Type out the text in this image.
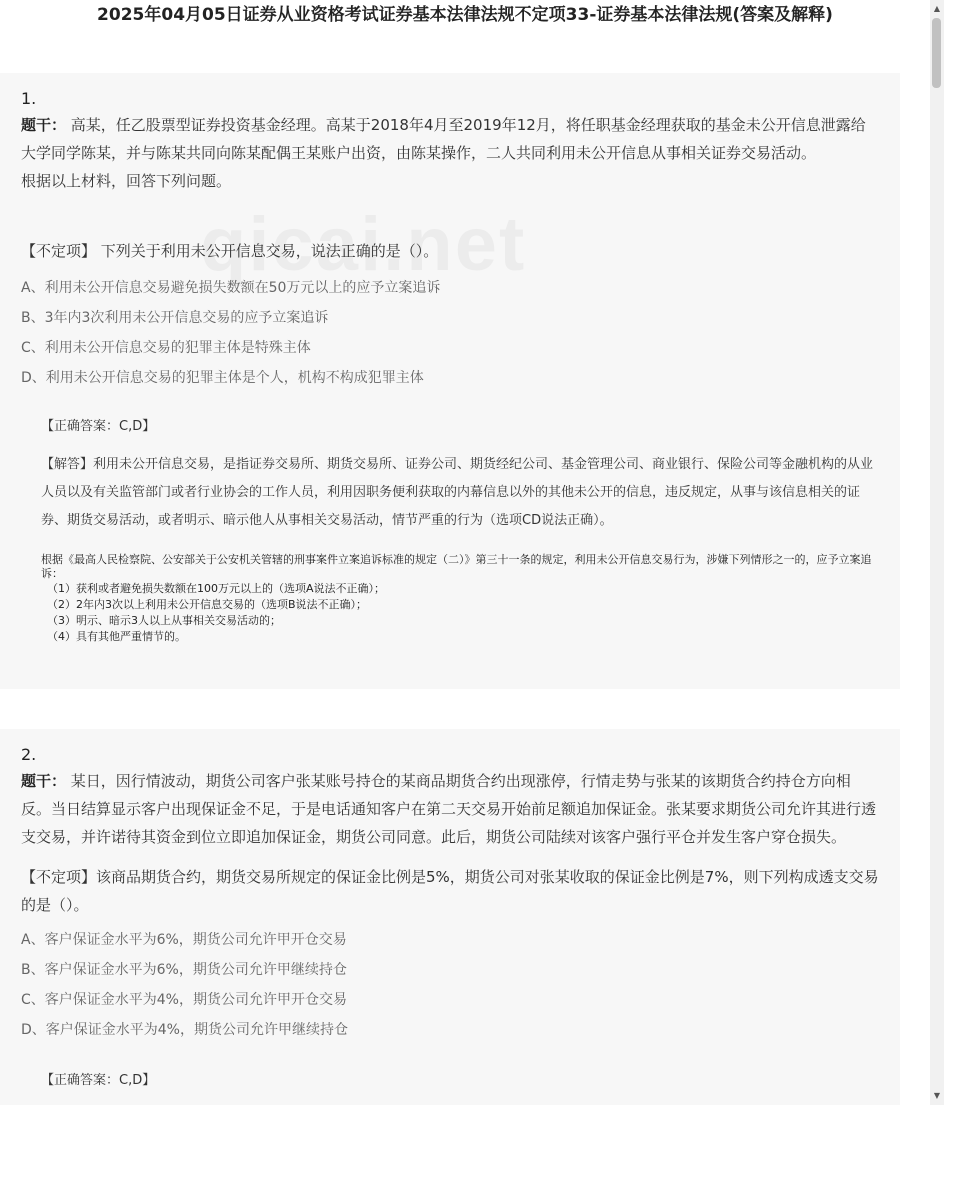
2025年04月05日证券从业资格考试证券基本法律法规不定项33-证券基本法律法规(答案及解释)
1.
题干： 高某，任乙股票型证券投资基金经理。高某于2018年4月至2019年12月，将任职基金经理获取的基金未公开信息泄露给大学同学陈某，并与陈某共同向陈某配偶王某账户出资，由陈某操作，二人共同利用未公开信息从事相关证券交易活动。
根据以上材料，回答下列问题。
【不定项】 下列关于利用未公开信息交易，说法正确的是（）。
A、利用未公开信息交易避免损失数额在50万元以上的应予立案追诉
B、3年内3次利用未公开信息交易的应予立案追诉
C、利用未公开信息交易的犯罪主体是特殊主体
D、利用未公开信息交易的犯罪主体是个人，机构不构成犯罪主体
【正确答案：C,D】
【解答】利用未公开信息交易，是指证券交易所、期货交易所、证券公司、期货经纪公司、基金管理公司、商业银行、保险公司等金融机构的从业人员以及有关监管部门或者行业协会的工作人员，利用因职务便利获取的内幕信息以外的其他未公开的信息，违反规定，从事与该信息相关的证券、期货交易活动，或者明示、暗示他人从事相关交易活动，情节严重的行为（选项CD说法正确）。
根据《最高人民检察院、公安部关于公安机关管辖的刑事案件立案追诉标准的规定（二）》第三十一条的规定，利用未公开信息交易行为，涉嫌下列情形之一的，应予立案追诉：
（1）获利或者避免损失数额在100万元以上的（选项A说法不正确）；
（2）2年内3次以上利用未公开信息交易的（选项B说法不正确）；
（3）明示、暗示3人以上从事相关交易活动的；
（4）具有其他严重情节的。
2.
题干： 某日，因行情波动，期货公司客户张某账号持仓的某商品期货合约出现涨停，行情走势与张某的该期货合约持仓方向相反。当日结算显示客户出现保证金不足，于是电话通知客户在第二天交易开始前足额追加保证金。张某要求期货公司允许其进行透支交易，并许诺待其资金到位立即追加保证金，期货公司同意。此后，期货公司陆续对该客户强行平仓并发生客户穿仓损失。
【不定项】该商品期货合约，期货交易所规定的保证金比例是5%，期货公司对张某收取的保证金比例是7%，则下列构成透支交易的是（）。
A、客户保证金水平为6%，期货公司允许甲开仓交易
B、客户保证金水平为6%，期货公司允许甲继续持仓
C、客户保证金水平为4%，期货公司允许甲开仓交易
D、客户保证金水平为4%，期货公司允许甲继续持仓
【正确答案：C,D】
▲
▼
